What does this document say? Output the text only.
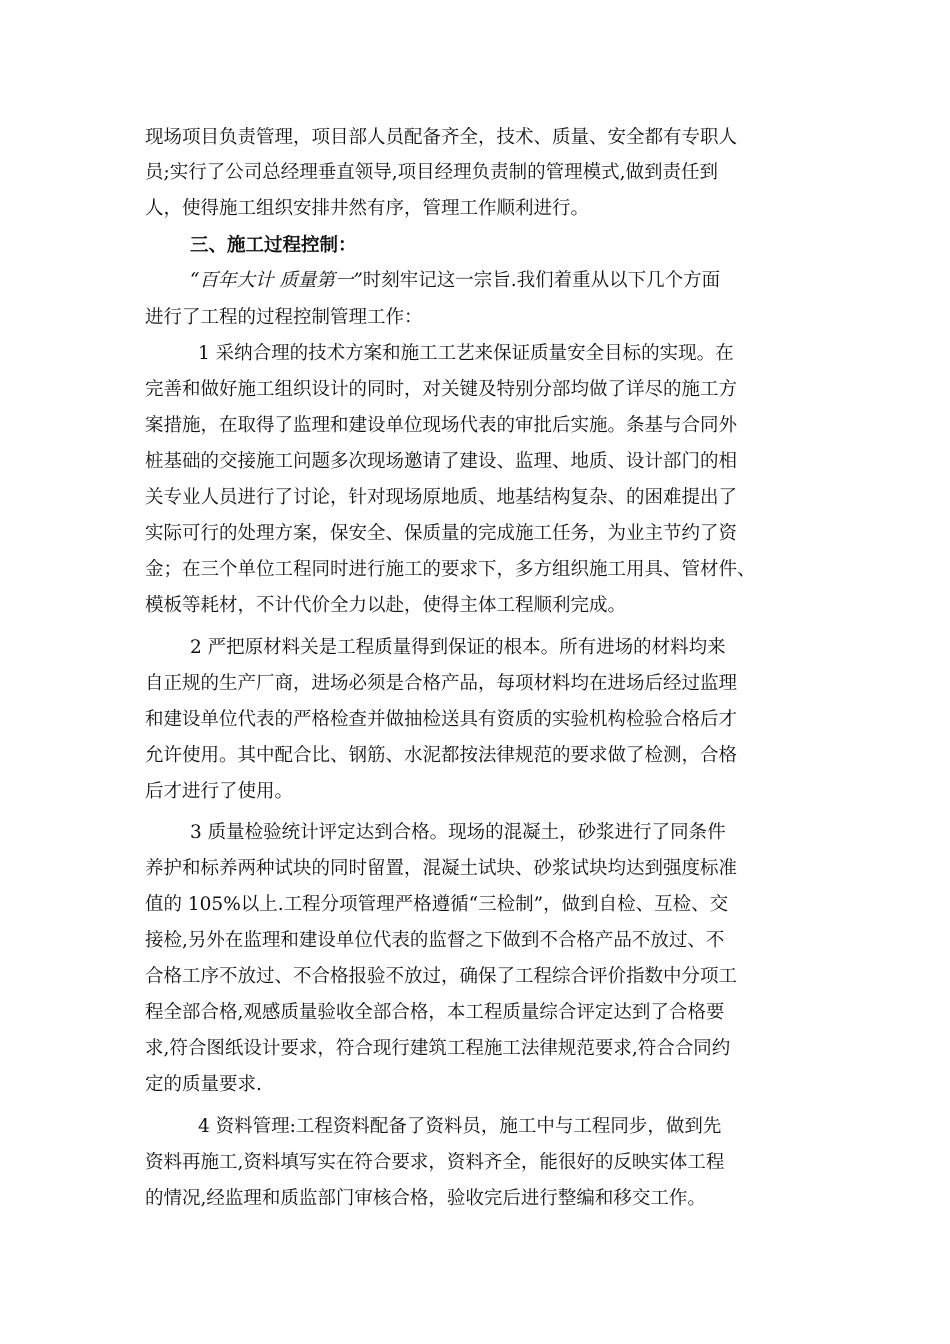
现场项目负责管理，项目部人员配备齐全，技术、质量、安全都有专职人
员;实行了公司总经理垂直领导,项目经理负责制的管理模式,做到责任到
人，使得施工组织安排井然有序，管理工作顺利进行。
三、施工过程控制：
“百年大计 质量第一”时刻牢记这一宗旨.我们着重从以下几个方面
进行了工程的过程控制管理工作：
1 采纳合理的技术方案和施工工艺来保证质量安全目标的实现。在
完善和做好施工组织设计的同时，对关键及特别分部均做了详尽的施工方
案措施，在取得了监理和建设单位现场代表的审批后实施。条基与合同外
桩基础的交接施工问题多次现场邀请了建设、监理、地质、设计部门的相
关专业人员进行了讨论，针对现场原地质、地基结构复杂、的困难提出了
实际可行的处理方案，保安全、保质量的完成施工任务，为业主节约了资
金；在三个单位工程同时进行施工的要求下，多方组织施工用具、管材件、
模板等耗材，不计代价全力以赴，使得主体工程顺利完成。
2 严把原材料关是工程质量得到保证的根本。所有进场的材料均来
自正规的生产厂商，进场必须是合格产品，每项材料均在进场后经过监理
和建设单位代表的严格检查并做抽检送具有资质的实验机构检验合格后才
允许使用。其中配合比、钢筋、水泥都按法律规范的要求做了检测，合格
后才进行了使用。
3 质量检验统计评定达到合格。现场的混凝土，砂浆进行了同条件
养护和标养两种试块的同时留置，混凝土试块、砂浆试块均达到强度标准
值的 105%以上.工程分项管理严格遵循“三检制”，做到自检、互检、交
接检,另外在监理和建设单位代表的监督之下做到不合格产品不放过、不
合格工序不放过、不合格报验不放过，确保了工程综合评价指数中分项工
程全部合格,观感质量验收全部合格，本工程质量综合评定达到了合格要
求,符合图纸设计要求，符合现行建筑工程施工法律规范要求,符合合同约
定的质量要求.
4 资料管理:工程资料配备了资料员，施工中与工程同步，做到先
资料再施工,资料填写实在符合要求，资料齐全，能很好的反映实体工程
的情况,经监理和质监部门审核合格，验收完后进行整编和移交工作。
